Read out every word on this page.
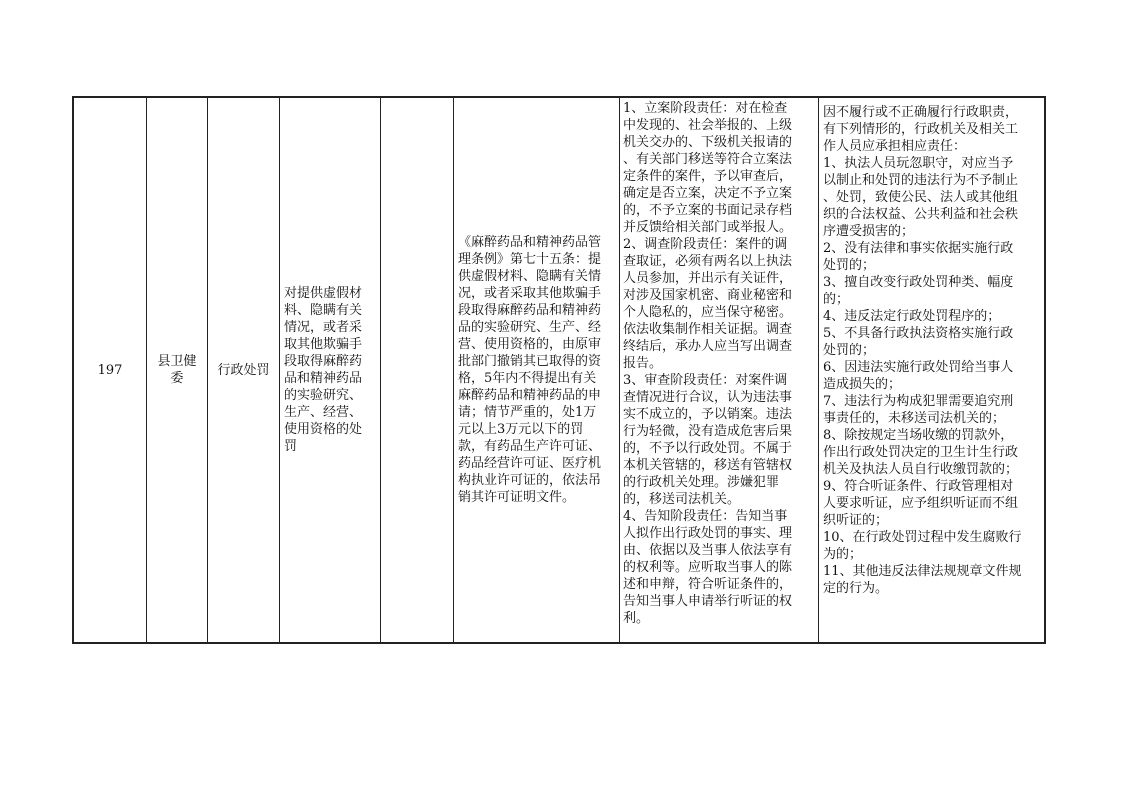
197
县卫健
委
行政处罚
对提供虚假材
料、隐瞒有关
情况，或者采
取其他欺骗手
段取得麻醉药
品和精神药品
的实验研究、
生产、经营、
使用资格的处
罚
《麻醉药品和精神药品管
理条例》第七十五条：提
供虚假材料、隐瞒有关情
况，或者采取其他欺骗手
段取得麻醉药品和精神药
品的实验研究、生产、经
营、使用资格的，由原审
批部门撤销其已取得的资
格，5年内不得提出有关
麻醉药品和精神药品的申
请；情节严重的，处1万
元以上3万元以下的罚
款，有药品生产许可证、
药品经营许可证、医疗机
构执业许可证的，依法吊
销其许可证明文件。
1、立案阶段责任：对在检查
中发现的、社会举报的、上级
机关交办的、下级机关报请的
、有关部门移送等符合立案法
定条件的案件，予以审查后，
确定是否立案，决定不予立案
的，不予立案的书面记录存档
并反馈给相关部门或举报人。
2、调查阶段责任：案件的调
查取证，必须有两名以上执法
人员参加，并出示有关证件，
对涉及国家机密、商业秘密和
个人隐私的，应当保守秘密。
依法收集制作相关证据。调查
终结后，承办人应当写出调查
报告。
3、审查阶段责任：对案件调
查情况进行合议，认为违法事
实不成立的，予以销案。违法
行为轻微，没有造成危害后果
的，不予以行政处罚。不属于
本机关管辖的，移送有管辖权
的行政机关处理。涉嫌犯罪
的，移送司法机关。
4、告知阶段责任：告知当事
人拟作出行政处罚的事实、理
由、依据以及当事人依法享有
的权利等。应听取当事人的陈
述和申辩，符合听证条件的，
告知当事人申请举行听证的权
利。
因不履行或不正确履行行政职责，
有下列情形的，行政机关及相关工
作人员应承担相应责任：
1、执法人员玩忽职守，对应当予
以制止和处罚的违法行为不予制止
、处罚，致使公民、法人或其他组
织的合法权益、公共利益和社会秩
序遭受损害的；
2、没有法律和事实依据实施行政
处罚的；
3、擅自改变行政处罚种类、幅度
的；
4、违反法定行政处罚程序的；
5、不具备行政执法资格实施行政
处罚的；
6、因违法实施行政处罚给当事人
造成损失的；
7、违法行为构成犯罪需要追究刑
事责任的，未移送司法机关的；
8、除按规定当场收缴的罚款外，
作出行政处罚决定的卫生计生行政
机关及执法人员自行收缴罚款的；
9、符合听证条件、行政管理相对
人要求听证，应予组织听证而不组
织听证的；
10、在行政处罚过程中发生腐败行
为的；
11、其他违反法律法规规章文件规
定的行为。
